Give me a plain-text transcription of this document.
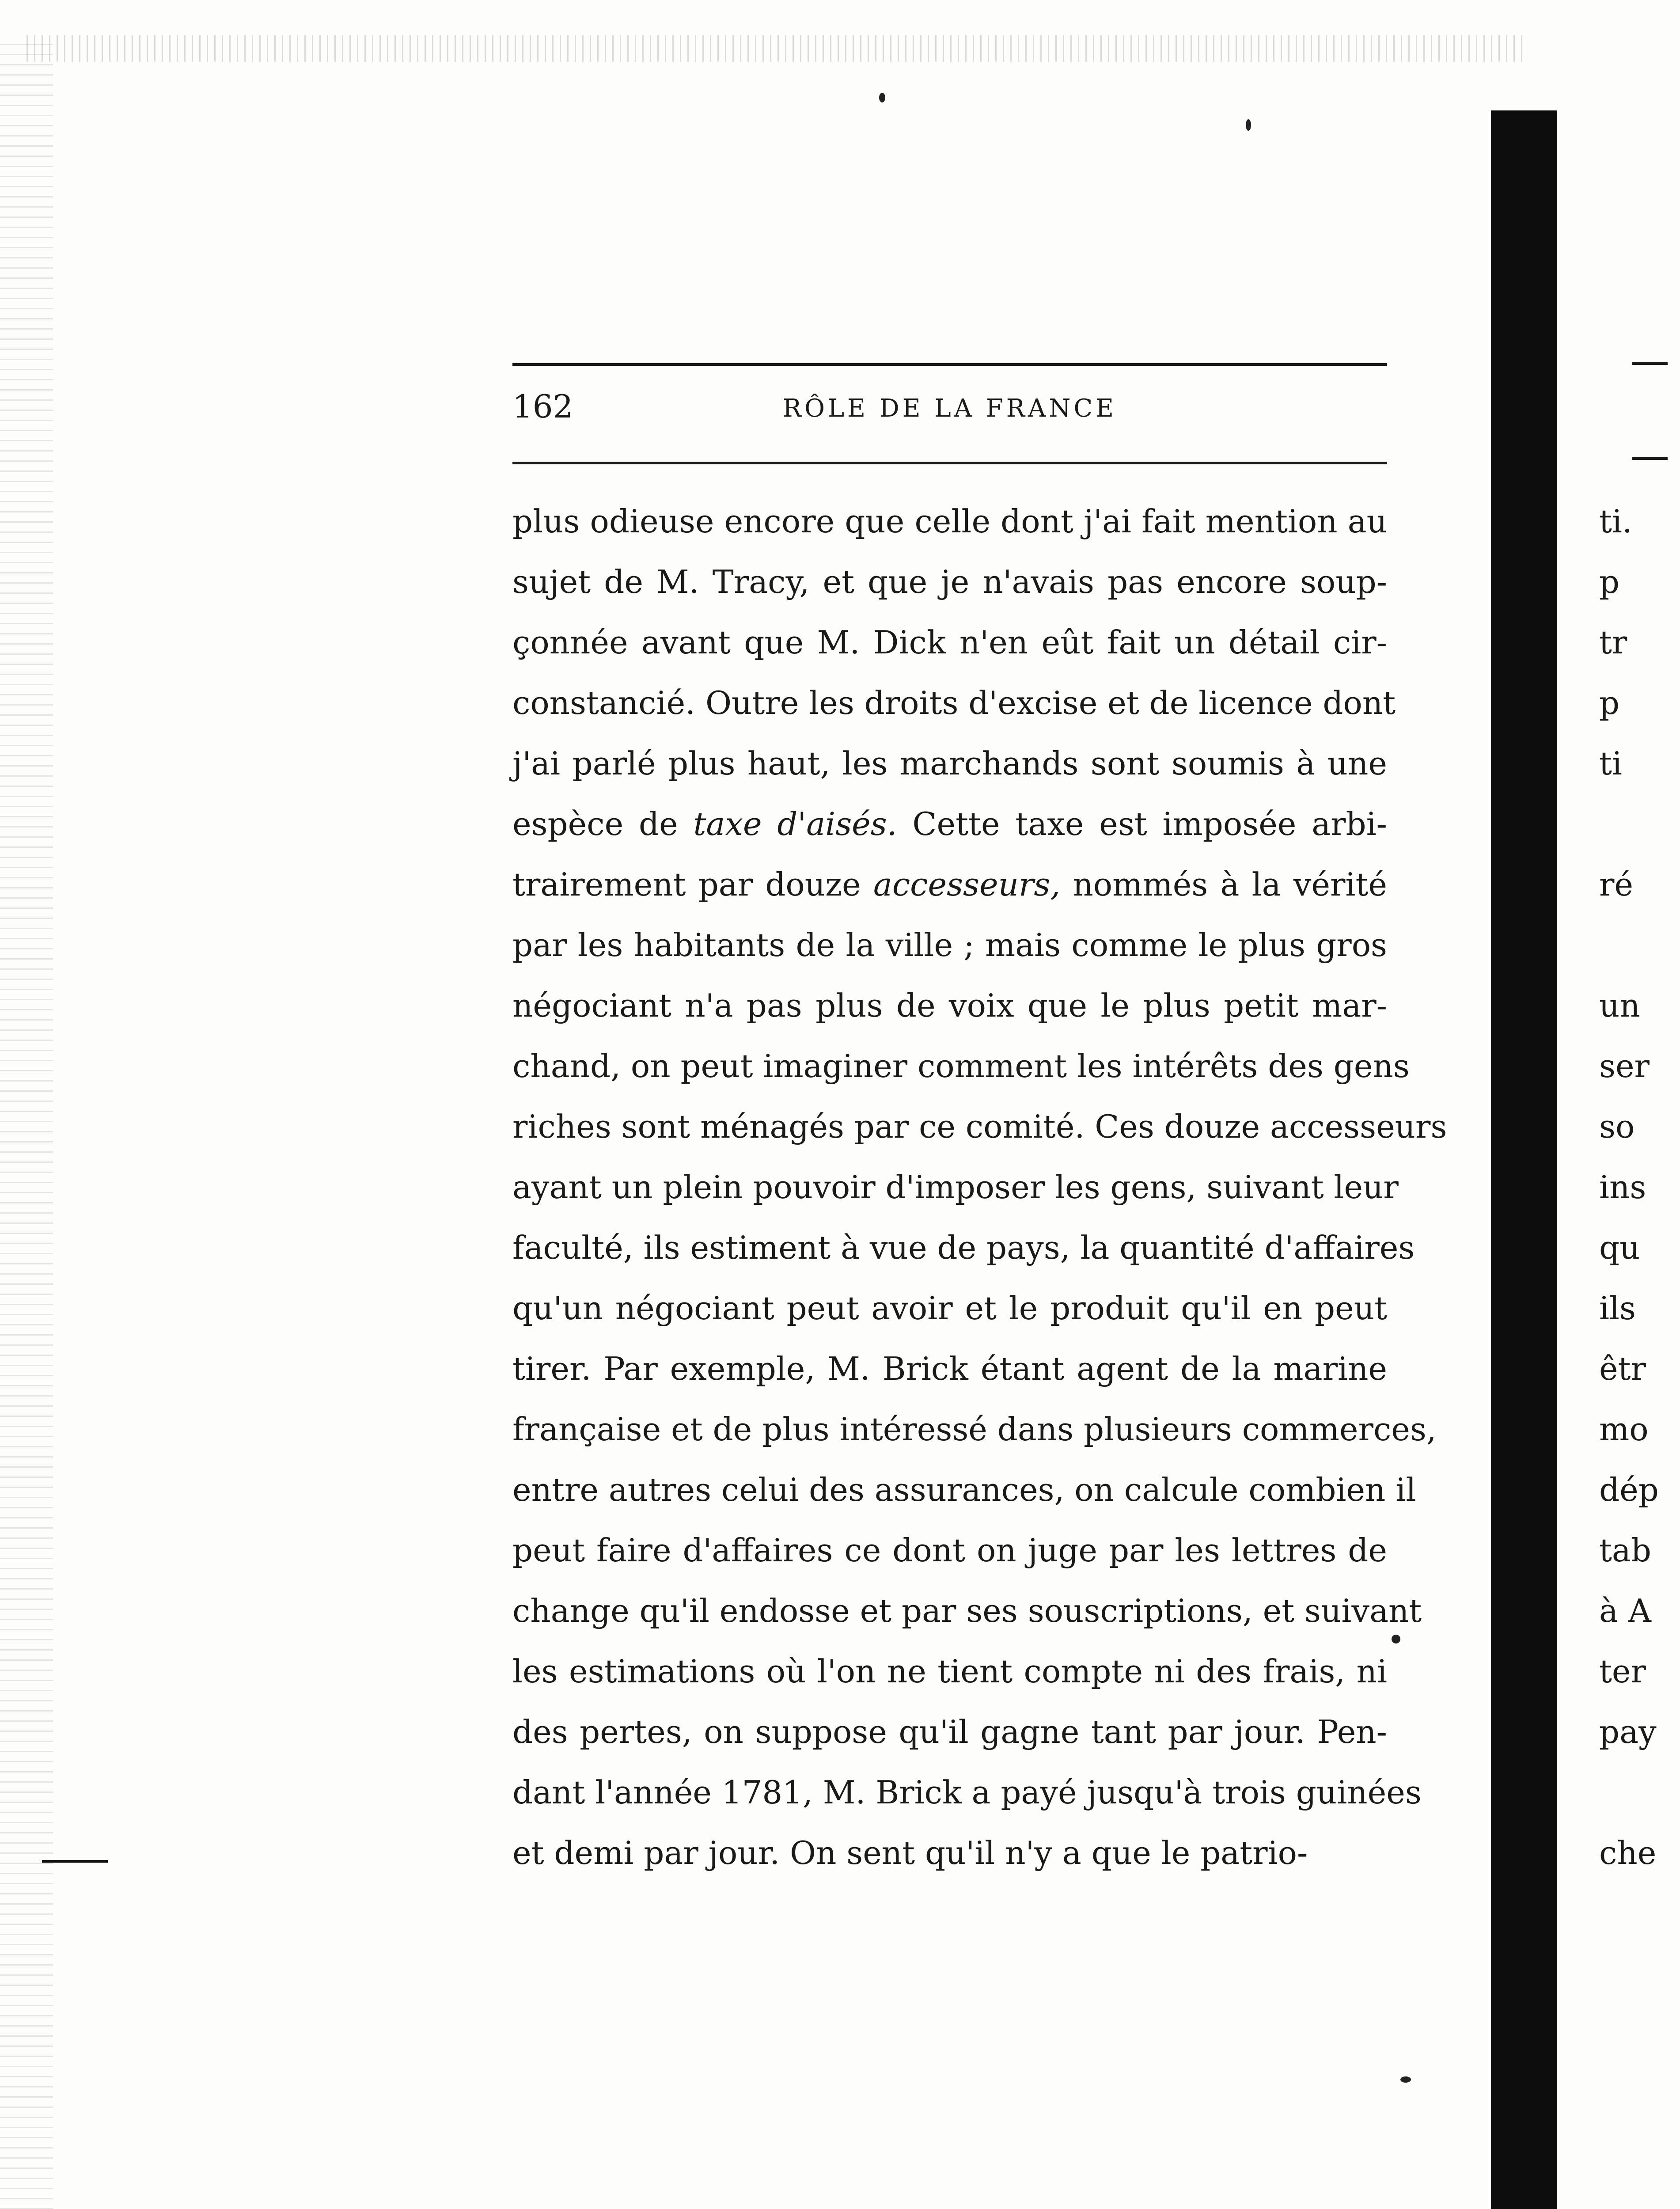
162	RÔLE DE LA FRANCE
plus odieuse encore que celle dont j'ai fait mention au
sujet de M. Tracy, et que je n'avais pas encore soup-
çonnée avant que M. Dick n'en eût fait un détail cir-
constancié. Outre les droits d'excise et de licence dont
j'ai parlé plus haut, les marchands sont soumis à une
espèce de taxe d'aisés. Cette taxe est imposée arbi-
trairement par douze accesseurs, nommés à la vérité
par les habitants de la ville ; mais comme le plus gros
négociant n'a pas plus de voix que le plus petit mar-
chand, on peut imaginer comment les intérêts des gens
riches sont ménagés par ce comité. Ces douze accesseurs
ayant un plein pouvoir d'imposer les gens, suivant leur
faculté, ils estiment à vue de pays, la quantité d'affaires
qu'un négociant peut avoir et le produit qu'il en peut
tirer. Par exemple, M. Brick étant agent de la marine
française et de plus intéressé dans plusieurs commerces,
entre autres celui des assurances, on calcule combien il
peut faire d'affaires ce dont on juge par les lettres de
change qu'il endosse et par ses souscriptions, et suivant
les estimations où l'on ne tient compte ni des frais, ni
des pertes, on suppose qu'il gagne tant par jour. Pen-
dant l'année 1781, M. Brick a payé jusqu'à trois guinées
et demi par jour. On sent qu'il n'y a que le patrio-
ti.
p
tr
p
ti
ré
un
ser
so
ins
qu
ils
êtr
mo
dép
tab
à A
ter
pay
che
